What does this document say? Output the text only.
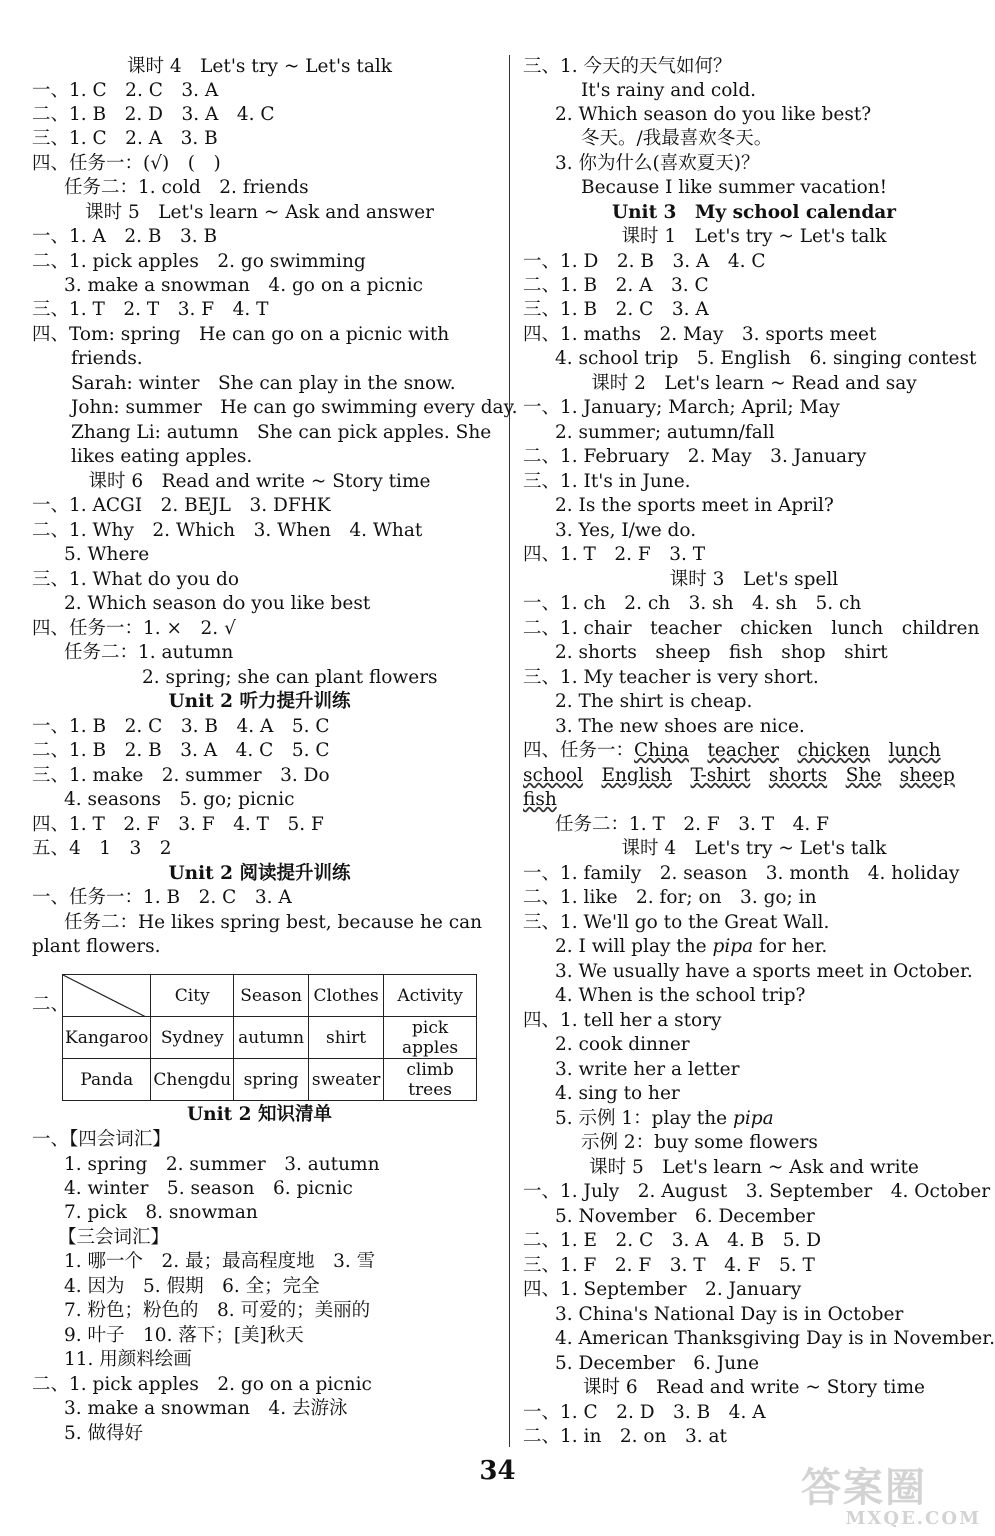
课时 4　Let's try ~ Let's talk
一、1. C　2. C　3. A
二、1. B　2. D　3. A　4. C
三、1. C　2. A　3. B
四、任务一：(√)　(　)
任务二：1. cold　2. friends
课时 5　Let's learn ~ Ask and answer
一、1. A　2. B　3. B
二、1. pick apples　2. go swimming
3. make a snowman　4. go on a picnic
三、1. T　2. T　3. F　4. T
四、Tom: spring　He can go on a picnic with
friends.
Sarah: winter　She can play in the snow.
John: summer　He can go swimming every day.
Zhang Li: autumn　She can pick apples. She
likes eating apples.
课时 6　Read and write ~ Story time
一、1. ACGI　2. BEJL　3. DFHK
二、1. Why　2. Which　3. When　4. What
5. Where
三、1. What do you do
2. Which season do you like best
四、任务一：1. ×　2. √
任务二：1. autumn
2. spring; she can plant flowers
Unit 2 听力提升训练
一、1. B　2. C　3. B　4. A　5. C
二、1. B　2. B　3. A　4. C　5. C
三、1. make　2. summer　3. Do
4. seasons　5. go; picnic
四、1. T　2. F　3. F　4. T　5. F
五、4　1　3　2
Unit 2 阅读提升训练
一、任务一：1. B　2. C　3. A
任务二：He likes spring best, because he can
plant flowers.
二、
		City	Season	Clothes	Activity
Kangaroo	Sydney	autumn	shirt	pick apples
Panda	Chengdu	spring	sweater	climb trees
Unit 2 知识清单
一、【四会词汇】
1. spring　2. summer　3. autumn
4. winter　5. season　6. picnic
7. pick　8. snowman
【三会词汇】
1. 哪一个　2. 最；最高程度地　3. 雪
4. 因为　5. 假期　6. 全；完全
7. 粉色；粉色的　8. 可爱的；美丽的
9. 叶子　10. 落下；[美]秋天
11. 用颜料绘画
二、1. pick apples　2. go on a picnic
3. make a snowman　4. 去游泳
5. 做得好
三、1. 今天的天气如何？
It's rainy and cold.
2. Which season do you like best?
冬天。/我最喜欢冬天。
3. 你为什么(喜欢夏天)？
Because I like summer vacation!
Unit 3　My school calendar
课时 1　Let's try ~ Let's talk
一、1. D　2. B　3. A　4. C
二、1. B　2. A　3. C
三、1. B　2. C　3. A
四、1. maths　2. May　3. sports meet
4. school trip　5. English　6. singing contest
课时 2　Let's learn ~ Read and say
一、1. January; March; April; May
2. summer; autumn/fall
二、1. February　2. May　3. January
三、1. It's in June.
2. Is the sports meet in April?
3. Yes, I/we do.
四、1. T　2. F　3. T
课时 3　Let's spell
一、1. ch　2. ch　3. sh　4. sh　5. ch
二、1. chair　teacher　chicken　lunch　children
2. shorts　sheep　fish　shop　shirt
三、1. My teacher is very short.
2. The shirt is cheap.
3. The new shoes are nice.
四、任务一：China　 teacher　 chicken　 lunch
school　 English　 T-shirt　 shorts　 She　 sheep
fish
任务二：1. T　2. F　3. T　4. F
课时 4　Let's try ~ Let's talk
一、1. family　2. season　3. month　4. holiday
二、1. like　2. for; on　3. go; in
三、1. We'll go to the Great Wall.
2. I will play the pipa for her.
3. We usually have a sports meet in October.
4. When is the school trip?
四、1. tell her a story
2. cook dinner
3. write her a letter
4. sing to her
5. 示例 1：play the pipa
示例 2：buy some flowers
课时 5　Let's learn ~ Ask and write
一、1. July　2. August　3. September　4. October
5. November　6. December
二、1. E　2. C　3. A　4. B　5. D
三、1. F　2. F　3. T　4. F　5. T
四、1. September　2. January
3. China's National Day is in October
4. American Thanksgiving Day is in November.
5. December　6. June
课时 6　Read and write ~ Story time
一、1. C　2. D　3. B　4. A
二、1. in　2. on　3. at
34	答案圈
MXQE.COM
